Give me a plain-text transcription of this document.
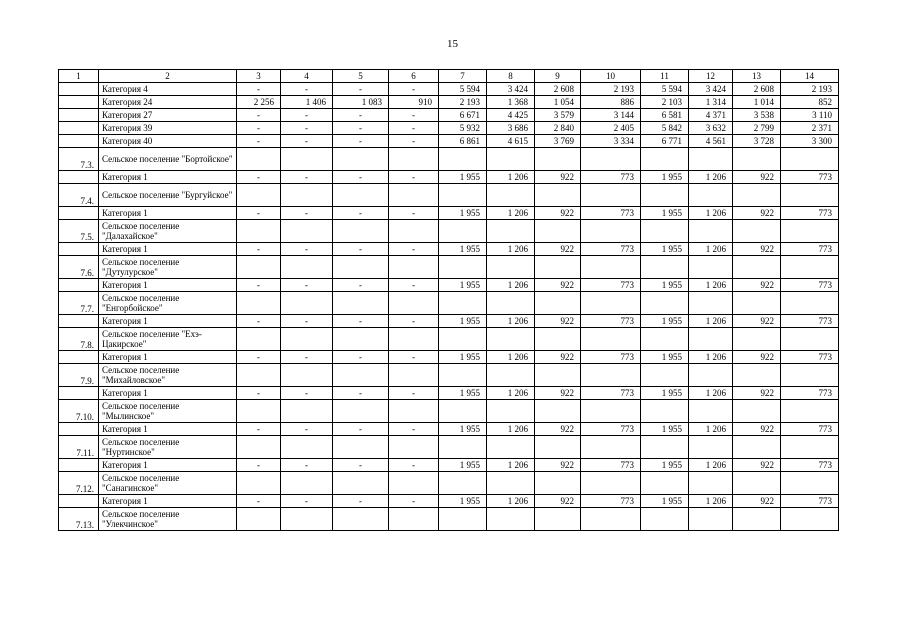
15
1	2	3	4	5	6	7	8	9	10	11	12	13	14
	Категория 4	-	-	-	-	5 594	3 424	2 608	2 193	5 594	3 424	2 608	2 193
	Категория 24	2 256	1 406	1 083	910	2 193	1 368	1 054	886	2 103	1 314	1 014	852
	Категория 27	-	-	-	-	6 671	4 425	3 579	3 144	6 581	4 371	3 538	3 110
	Категория 39	-	-	-	-	5 932	3 686	2 840	2 405	5 842	3 632	2 799	2 371
	Категория 40	-	-	-	-	6 861	4 615	3 769	3 334	6 771	4 561	3 728	3 300
7.3.	Сельское поселение "Бортойское"												
	Категория 1	-	-	-	-	1 955	1 206	922	773	1 955	1 206	922	773
7.4.	Сельское поселение "Бургуйское"												
	Категория 1	-	-	-	-	1 955	1 206	922	773	1 955	1 206	922	773
7.5.	Сельское поселение "Далахайское"												
	Категория 1	-	-	-	-	1 955	1 206	922	773	1 955	1 206	922	773
7.6.	Сельское поселение "Дутулурское"												
	Категория 1	-	-	-	-	1 955	1 206	922	773	1 955	1 206	922	773
7.7.	Сельское поселение "Енгорбойское"												
	Категория 1	-	-	-	-	1 955	1 206	922	773	1 955	1 206	922	773
7.8.	Сельское поселение "Ехэ-Цакирское"												
	Категория 1	-	-	-	-	1 955	1 206	922	773	1 955	1 206	922	773
7.9.	Сельское поселение "Михайловское"												
	Категория 1	-	-	-	-	1 955	1 206	922	773	1 955	1 206	922	773
7.10.	Сельское поселение "Мылинское"												
	Категория 1	-	-	-	-	1 955	1 206	922	773	1 955	1 206	922	773
7.11.	Сельское поселение "Нуртинское"												
	Категория 1	-	-	-	-	1 955	1 206	922	773	1 955	1 206	922	773
7.12.	Сельское поселение "Санагинское"												
	Категория 1	-	-	-	-	1 955	1 206	922	773	1 955	1 206	922	773
7.13.	Сельское поселение "Улекчинское"												
